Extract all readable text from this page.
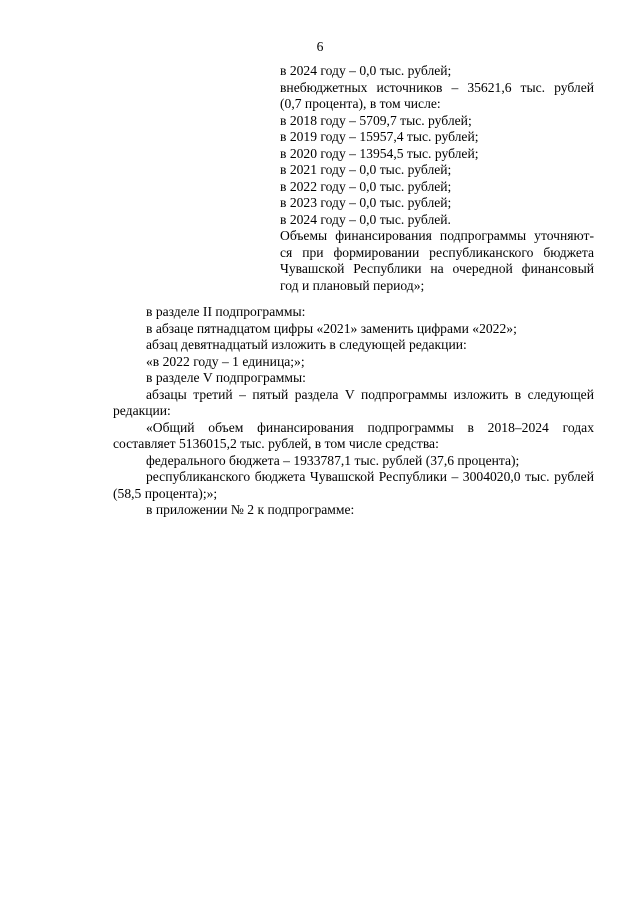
6
в 2024 году – 0,0 тыс. рублей;
внебюджетных источников – 35621,6 тыс. рублей
(0,7 процента), в том числе:
в 2018 году – 5709,7 тыс. рублей;
в 2019 году – 15957,4 тыс. рублей;
в 2020 году – 13954,5 тыс. рублей;
в 2021 году – 0,0 тыс. рублей;
в 2022 году – 0,0 тыс. рублей;
в 2023 году – 0,0 тыс. рублей;
в 2024 году – 0,0 тыс. рублей.
Объемы финансирования подпрограммы уточняют-
ся при формировании республиканского бюджета
Чувашской Республики на очередной финансовый
год и плановый период»;

в разделе II подпрограммы:

в абзаце пятнадцатом цифры «2021» заменить цифрами «2022»;

абзац девятнадцатый изложить в следующей редакции:

«в 2022 году – 1 единица;»;

в разделе V подпрограммы:

абзацы третий – пятый раздела V подпрограммы изложить в следующей редакции:

«Общий объем финансирования подпрограммы в 2018–2024 годах составляет 5136015,2 тыс. рублей, в том числе средства:

федерального бюджета – 1933787,1 тыс. рублей (37,6 процента);

республиканского бюджета Чувашской Республики – 3004020,0 тыс. рублей (58,5 процента);»;

в приложении № 2 к подпрограмме:
